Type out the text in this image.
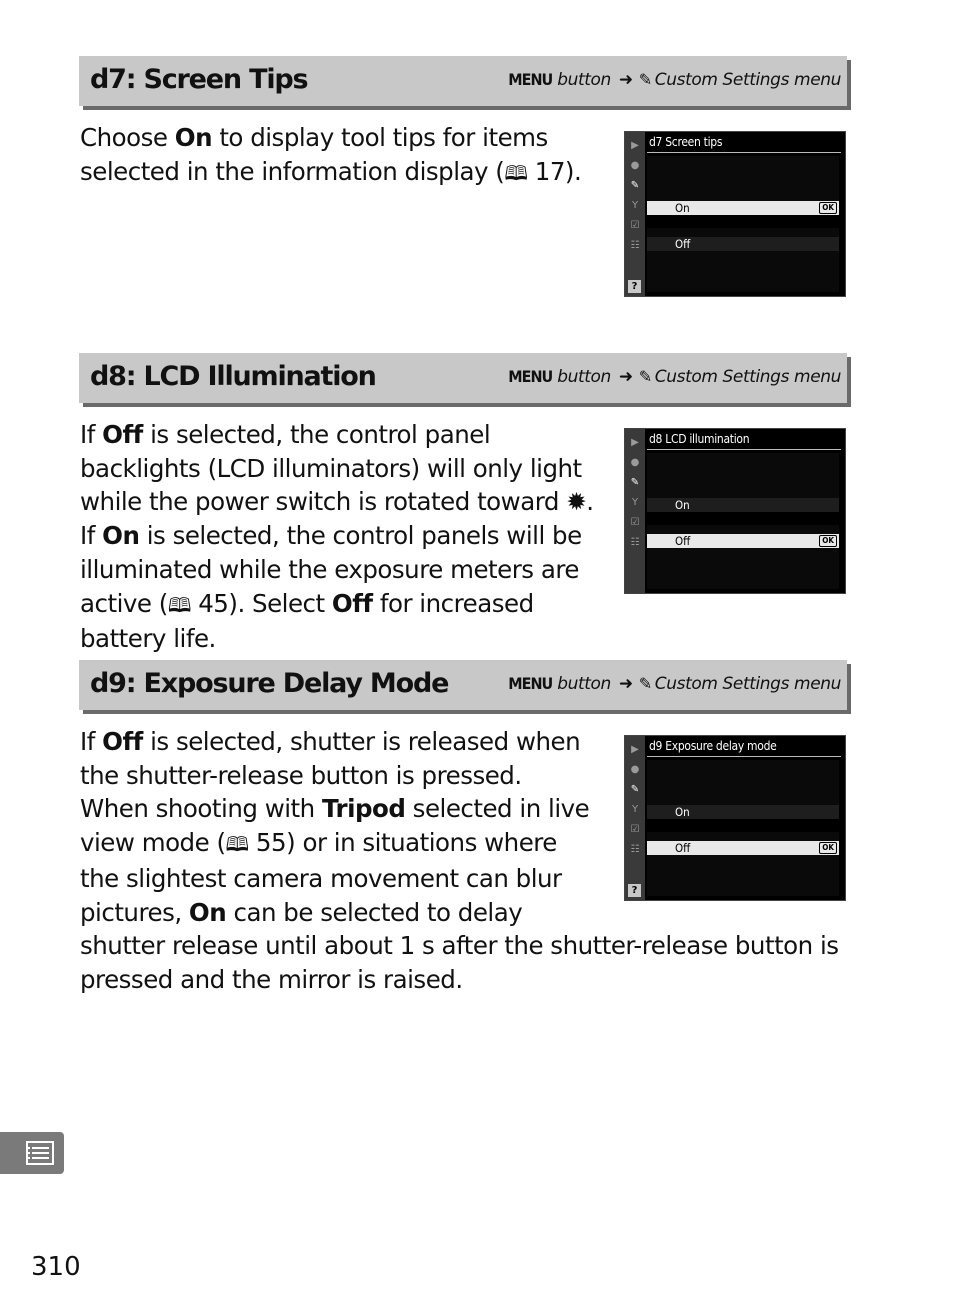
d7: Screen Tips	MENU button ➜ ✎ Custom Settings menu
Choose On to display tool tips for items selected in the information display (🕮 17).
▶
●
✎
Y
☑
☷
?
d7 Screen tips
On	OK
Off
d8: LCD Illumination	MENU button ➜ ✎ Custom Settings menu
If Off is selected, the control panel backlights (LCD illuminators) will only light while the power switch is rotated toward ✹. If On is selected, the control panels will be illuminated while the exposure meters are active (🕮 45). Select Off for increased battery life.
▶
●
✎
Y
☑
☷
d8 LCD illumination
On
Off	OK
d9: Exposure Delay Mode	MENU button ➜ ✎ Custom Settings menu
If Off is selected, shutter is released when the shutter-release button is pressed. When shooting with Tripod selected in live view mode (🕮 55) or in situations where the slightest camera movement can blur pictures, On can be selected to delay shutter release until about 1 s after the shutter-release button is pressed and the mirror is raised.
▶
●
✎
Y
☑
☷
?
d9 Exposure delay mode
On
Off	OK
310
